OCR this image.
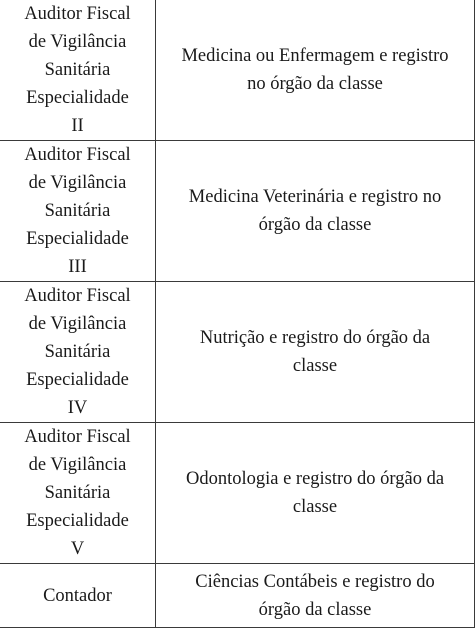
Auditor Fiscal
de Vigilância
Sanitária
Especialidade
II	Medicina ou Enfermagem e registro
no órgão da classe

Auditor Fiscal
de Vigilância
Sanitária
Especialidade
III	Medicina Veterinária e registro no
órgão da classe

Auditor Fiscal
de Vigilância
Sanitária
Especialidade
IV	Nutrição e registro do órgão da
classe

Auditor Fiscal
de Vigilância
Sanitária
Especialidade
V	Odontologia e registro do órgão da
classe

Contador	Ciências Contábeis e registro do
órgão da classe
